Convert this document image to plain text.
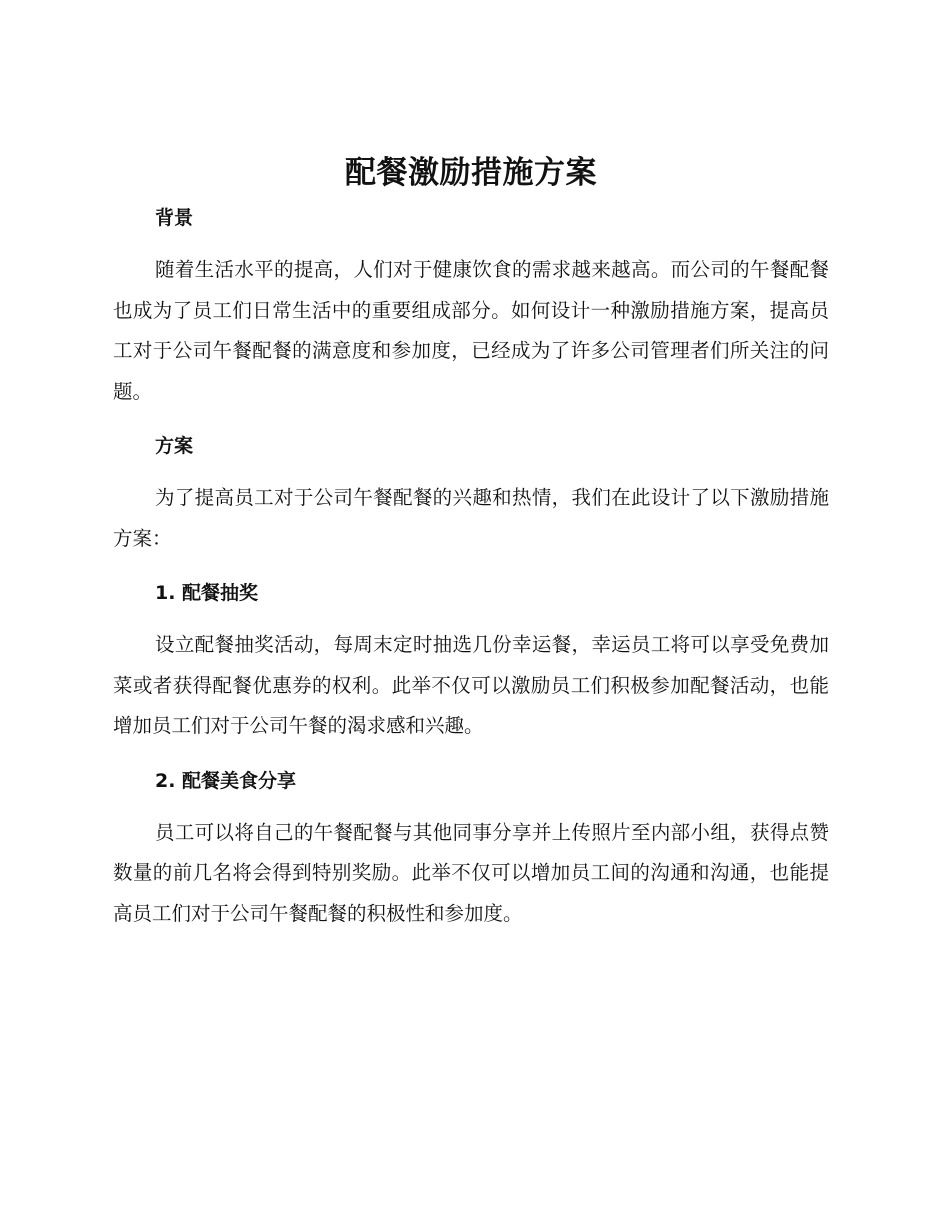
配餐激励措施方案
背景

随着生活水平的提高，人们对于健康饮食的需求越来越高。而公司的午餐配餐也成为了员工们日常生活中的重要组成部分。如何设计一种激励措施方案，提高员工对于公司午餐配餐的满意度和参加度，已经成为了许多公司管理者们所关注的问题。

方案

为了提高员工对于公司午餐配餐的兴趣和热情，我们在此设计了以下激励措施方案：

1. 配餐抽奖

设立配餐抽奖活动，每周末定时抽选几份幸运餐，幸运员工将可以享受免费加菜或者获得配餐优惠券的权利。此举不仅可以激励员工们积极参加配餐活动，也能增加员工们对于公司午餐的渴求感和兴趣。

2. 配餐美食分享

员工可以将自己的午餐配餐与其他同事分享并上传照片至内部小组，获得点赞数量的前几名将会得到特别奖励。此举不仅可以增加员工间的沟通和沟通，也能提高员工们对于公司午餐配餐的积极性和参加度。
